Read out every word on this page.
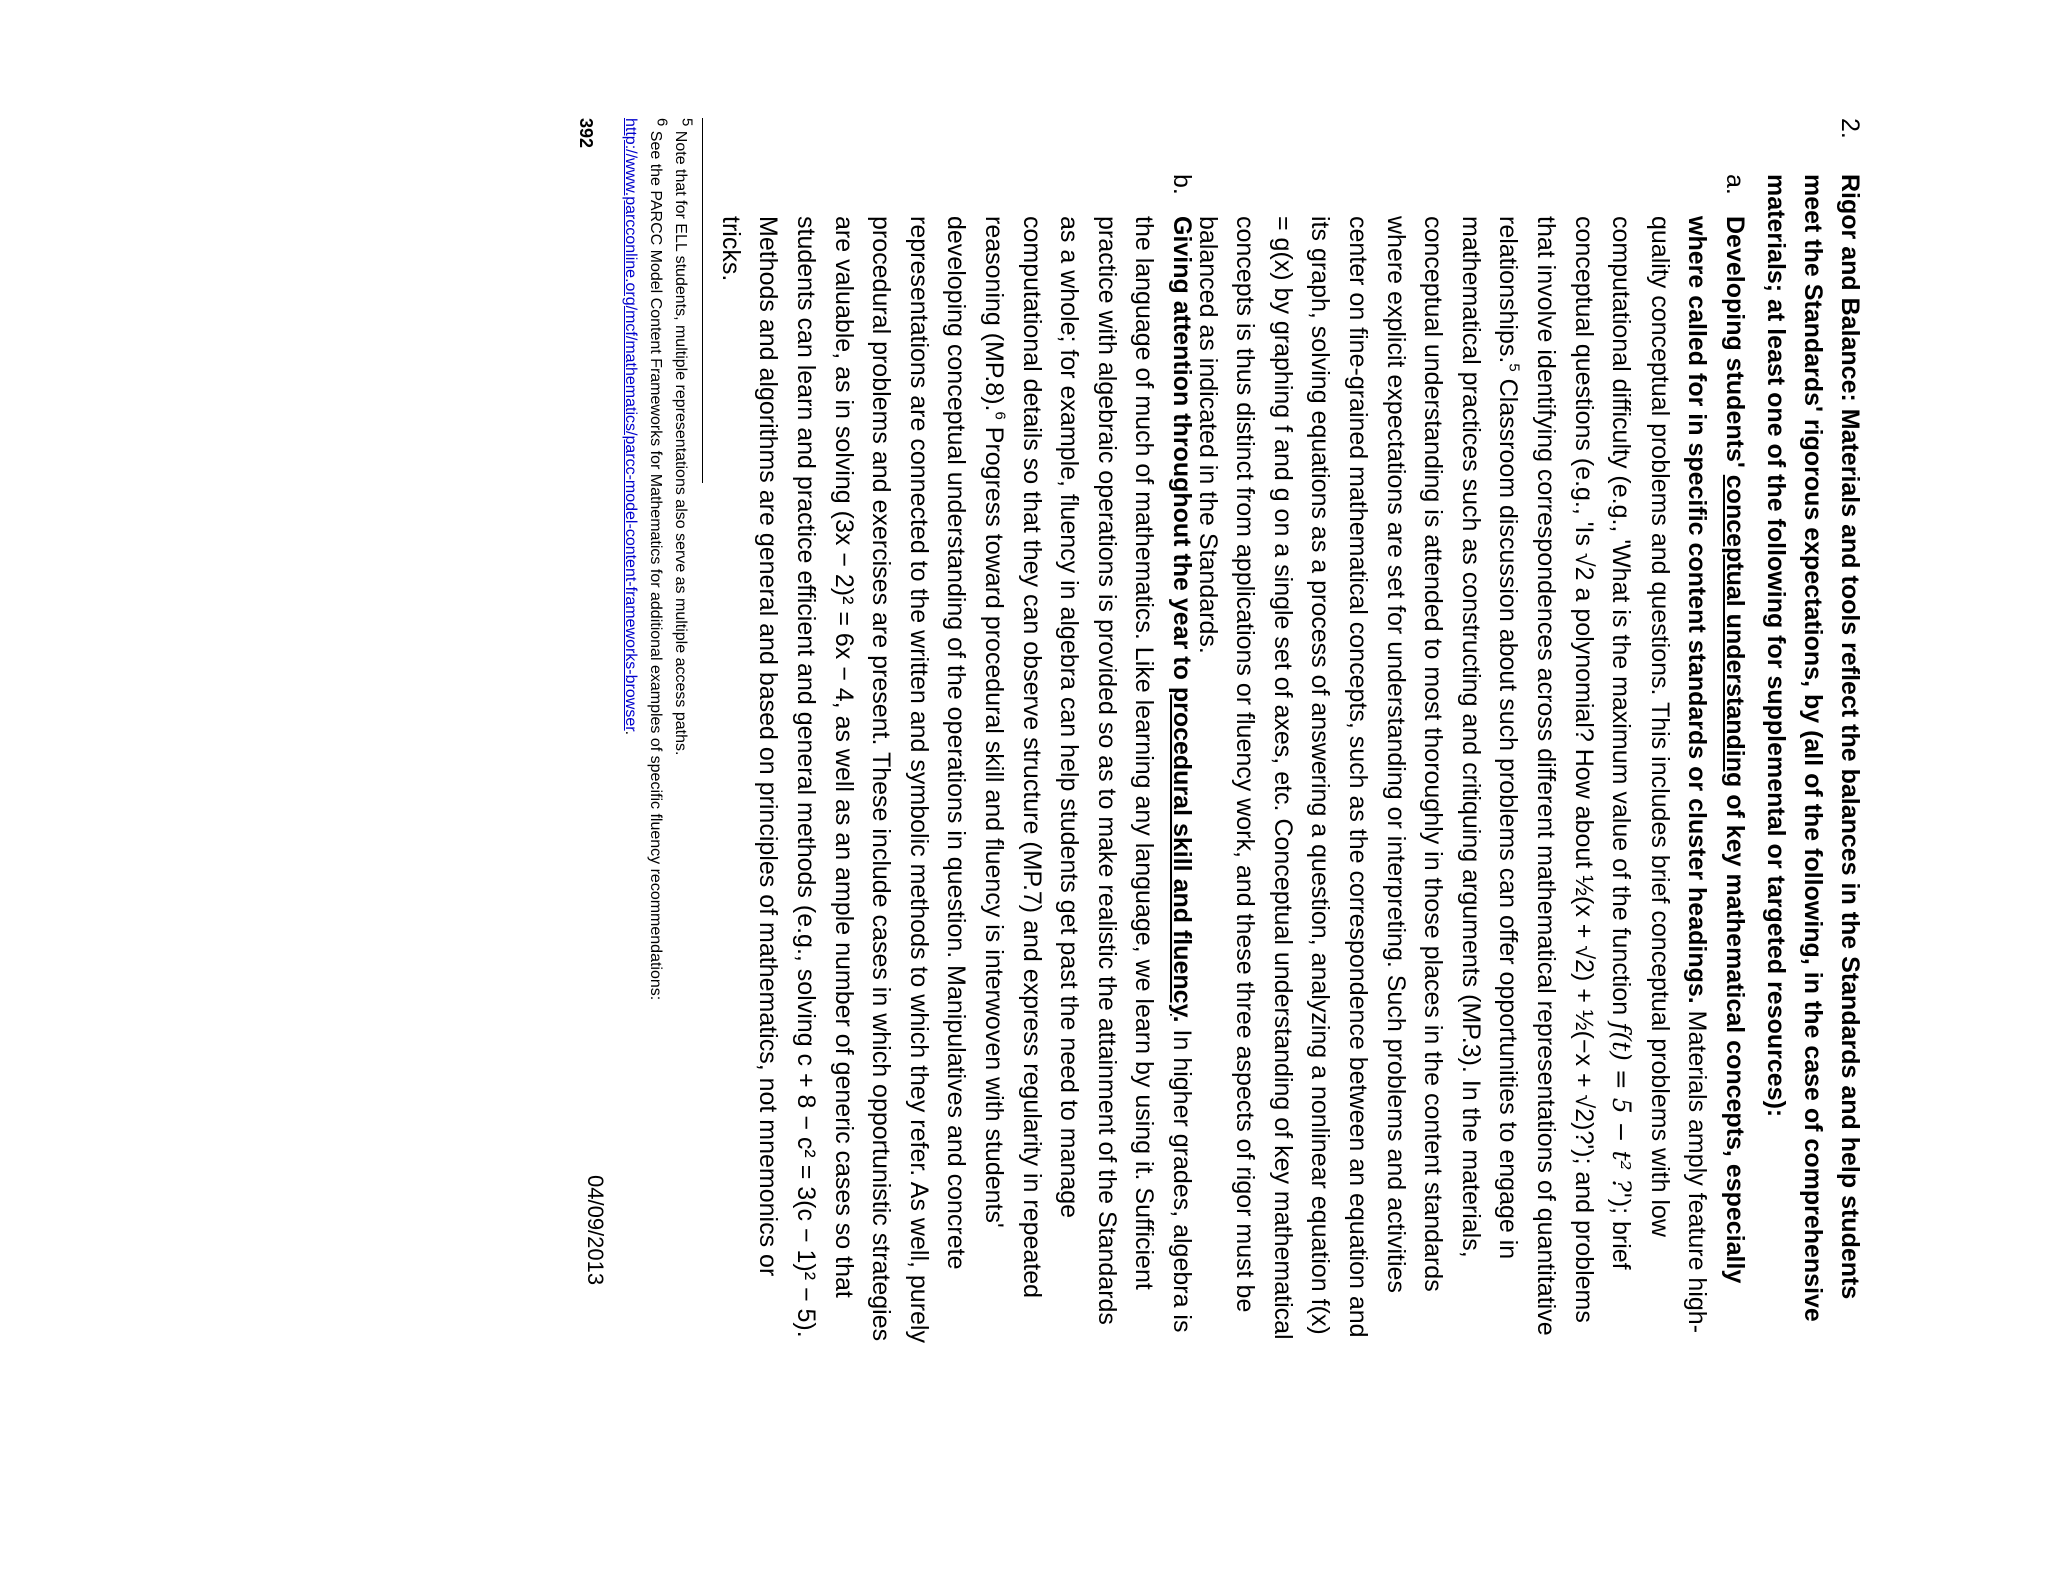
2.
Rigor and Balance: Materials and tools reflect the balances in the Standards and help students meet the Standards' rigorous expectations, by (all of the following, in the case of comprehensive materials; at least one of the following for supplemental or targeted resources):
a.
Developing students' conceptual understanding of key mathematical concepts, especially where called for in specific content standards or cluster headings. Materials amply feature high-quality conceptual problems and questions. This includes brief conceptual problems with low computational difficulty (e.g., 'What is the maximum value of the function f(t) = 5 − t² ?'); brief conceptual questions (e.g., 'Is √2 a polynomial? How about ½(x + √2) + ½(−x + √2)?'); and problems that involve identifying correspondences across different mathematical representations of quantitative relationships.$^5$ Classroom discussion about such problems can offer opportunities to engage in mathematical practices such as constructing and critiquing arguments (MP.3). In the materials, conceptual understanding is attended to most thoroughly in those places in the content standards where explicit expectations are set for understanding or interpreting. Such problems and activities center on fine-grained mathematical concepts, such as the correspondence between an equation and its graph, solving equations as a process of answering a question, analyzing a nonlinear equation f(x) = g(x) by graphing f and g on a single set of axes, etc. Conceptual understanding of key mathematical concepts is thus distinct from applications or fluency work, and these three aspects of rigor must be balanced as indicated in the Standards.
b.
Giving attention throughout the year to procedural skill and fluency. In higher grades, algebra is the language of much of mathematics. Like learning any language, we learn by using it. Sufficient practice with algebraic operations is provided so as to make realistic the attainment of the Standards as a whole; for example, fluency in algebra can help students get past the need to manage computational details so that they can observe structure (MP.7) and express regularity in repeated reasoning (MP.8).$^6$ Progress toward procedural skill and fluency is interwoven with students' developing conceptual understanding of the operations in question. Manipulatives and concrete representations are connected to the written and symbolic methods to which they refer. As well, purely procedural problems and exercises are present. These include cases in which opportunistic strategies are valuable, as in solving (3x − 2)² = 6x − 4, as well as an ample number of generic cases so that students can learn and practice efficient and general methods (e.g., solving c + 8 − c² = 3(c − 1)² − 5). Methods and algorithms are general and based on principles of mathematics, not mnemonics or tricks.
$^5$ Note that for ELL students, multiple representations also serve as multiple access paths.
$^6$ See the PARCC Model Content Frameworks for Mathematics for additional examples of specific fluency recommendations:
http://www.parcconline.org/mcf/mathematics/parcc-model-content-frameworks-browser.
392
04/09/2013
